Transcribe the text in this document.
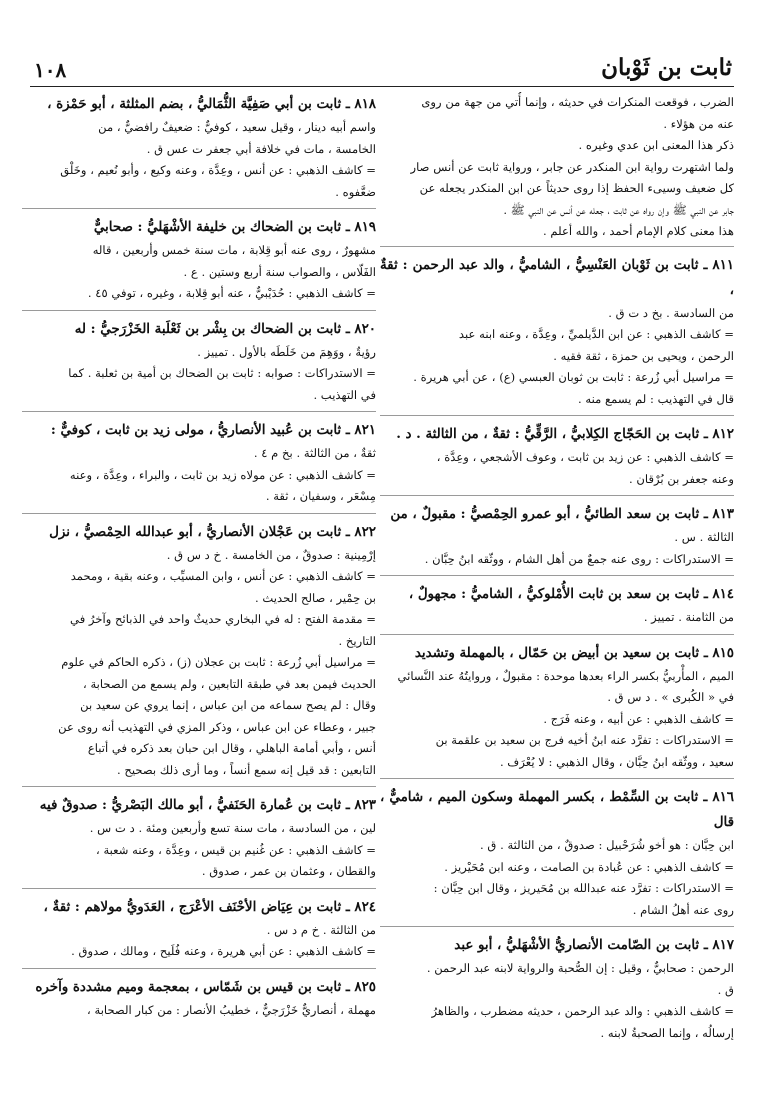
ثابت بن ثَوْبان
١٠٨

الضرب ، فوقعت المنكرات في حديثه ، وإنما أُتي من جهة من روى

عنه من هؤلاء .

ذكر هذا المعنى ابن عدي وغيره .

ولما اشتهرت رواية ابن المنكدر عن جابر ، ورواية ثابت عن أنس صار

كل ضعيف وسيىء الحفظ إذا روى حديثاً عن ابن المنكدر يجعله عن

جابر عن النبي ﷺ وإن رواه عن ثابت ، جعله عن أنس عن النبي ﷺ .

هذا معنى كلام الإمام أحمد ، والله أعلم .

٨١١ ـ ثابت بن ثَوْبان العَنْسِيُّ ، الشاميُّ ، والد عبد الرحمن : ثقةٌ ،

من السادسة . بخ د ت ق .

= كاشف الذهبي : عن ابن الدَّيلميِّ ، وعِدَّة ، وعنه ابنه عبد

الرحمن ، ويحيى بن حمزة ، ثقة فقيه .

= مراسيل أبي زُرعة : ثابت بن ثوبان العبسي (ع) ، عن أبي هريرة .

قال في التهذيب : لم يسمع منه .

٨١٢ ـ ثابت بن الحَجّاج الكِلابيُّ ، الرَّقِّيُّ : ثقةٌ ، من الثالثة . د .

= كاشف الذهبي : عن زيد بن ثابت ، وعوف الأشجعي ، وعِدَّة ،

وعنه جعفر بن بُرْقان .

٨١٣ ـ ثابت بن سعد الطائيُّ ، أبو عمرو الحِمْصيُّ : مقبولٌ ، من

الثالثة . س .

= الاستدراكات : روى عنه جمعٌ من أهل الشام ، ووثّقه ابنُ حِبَّان .

٨١٤ ـ ثابت بن سعد بن ثابت الأُمْلوكيُّ ، الشاميُّ : مجهولٌ ،

من الثامنة . تمييز .

٨١٥ ـ ثابت بن سعيد بن أبيض بن حَمّال ، بالمهملة وتشديد

الميم ، المأْربيُّ بكسر الراء بعدها موحدة : مقبولٌ ، وروايتُهُ عند النَّسائي

في « الكُبرى » . د س ق .

= كاشف الذهبي : عن أبيه ، وعنه فَرَج .

= الاستدراكات : تفرَّد عنه ابنُ أخيه فرج بن سعيد بن علقمة بن

سعيد ، ووثّقه ابنُ حِبَّان ، وقال الذهبي : لا يُعْرَف .

٨١٦ ـ ثابت بن السِّمْط ، بكسر المهملة وسكون الميم ، شاميٌّ ، قال

ابن حِبَّان : هو أخو شُرَحْبيل : صدوقٌ ، من الثالثة . ق .

= كاشف الذهبي : عن عُبادة بن الصامت ، وعنه ابن مُحَيْريز .

= الاستدراكات : تفرَّد عنه عبدالله بن مُحَيريز ، وقال ابن حِبَّان :

روى عنه أهلُ الشام .

٨١٧ ـ ثابت بن الصّامت الأنصاريُّ الأشْهَليُّ ، أبو عبد

الرحمن : صحابيٌّ ، وقيل : إن الصُّحبة والرواية لابنه عبد الرحمن .

ق .

= كاشف الذهبي : والد عبد الرحمن ، حديثه مضطرب ، والظاهرُ

إرسالُه ، وإنما الصحبةُ لابنه .

٨١٨ ـ ثابت بن أبي صَفِيَّة الثُّمَاليُّ ، بضم المثلثة ، أبو حَمْزة ،

واسم أبيه دينار ، وقيل سعيد ، كوفيٌّ : ضعيفٌ رافضيٌّ ، من

الخامسة ، مات في خلافة أبي جعفر ت عس ق .

= كاشف الذهبي : عن أنس ، وعِدَّة ، وعنه وكيع ، وأبو نُعيم ، وخَلْق

ضعَّفوه .

٨١٩ ـ ثابت بن الضحاك بن خليفة الأشْهَليُّ : صحابيٌّ

مشهورٌ ، روى عنه أبو قِلابة ، مات سنة خمس وأربعين ، قاله

الفَلّاس ، والصواب سنة أربع وستين . ع .

= كاشف الذهبي : حُدَيْبيٌّ ، عنه أبو قِلابة ، وغيره ، توفي ٤٥ .

٨٢٠ ـ ثابت بن الضحاك بن بِشْر بن ثَعْلَبة الخَزْرَجيُّ : له

رؤيةٌ ، ووَهِمَ من خَلَطَه بالأول . تمييز .

= الاستدراكات : صوابه : ثابت بن الضحاك بن أمية بن ثعلبة . كما

في التهذيب .

٨٢١ ـ ثابت بن عُبيد الأنصاريُّ ، مولى زيد بن ثابت ، كوفيٌّ :

ثقةٌ ، من الثالثة . بخ م ٤ .

= كاشف الذهبي : عن مولاه زيد بن ثابت ، والبراء ، وعِدَّة ، وعنه

مِسْعَر ، وسفيان ، ثقة .

٨٢٢ ـ ثابت بن عَجْلان الأنصاريُّ ، أبو عبدالله الحِمْصيُّ ، نزل

إرْمِينية : صدوقٌ ، من الخامسة . خ د س ق .

= كاشف الذهبي : عن أنس ، وابن المسيِّب ، وعنه بقية ، ومحمد

بن حِمْير ، صالح الحديث .

= مقدمة الفتح : له في البخاري حديثٌ واحد في الذبائح وآخرُ في

التاريخ .

= مراسيل أبي زُرعة : ثابت بن عجلان (ز) ، ذكره الحاكم في علوم

الحديث فيمن بعد في طبقة التابعين ، ولم يسمع من الصحابة ،

وقال : لم يصح سماعه من ابن عباس ، إنما يروي عن سعيد بن

جبير ، وعطاء عن ابن عباس ، وذكر المزي في التهذيب أنه روى عن

أنس ، وأبي أمامة الباهلي ، وقال ابن حبان بعد ذكره في أتباع

التابعين : قد قيل إنه سمع أنساً ، وما أرى ذلك بصحيح .

٨٢٣ ـ ثابت بن عُمارة الحَنَفيُّ ، أبو مالك البَصْريُّ : صدوقٌ فيه

لين ، من السادسة ، مات سنة تسع وأربعين ومئة . د ت س .

= كاشف الذهبي : عن غُنيم بن قيس ، وعِدَّة ، وعنه شعبة ،

والقطان ، وعثمان بن عمر ، صدوق .

٨٢٤ ـ ثابت بن عِيَاض الأحْنَف الأعْرَج ، العَدَويُّ مولاهم : ثقةٌ ،

من الثالثة . خ م د س .

= كاشف الذهبي : عن أبي هريرة ، وعنه فُلَيح ، ومالك ، صدوق .

٨٢٥ ـ ثابت بن قيس بن شَمّاس ، بمعجمة وميم مشددة وآخره

مهملة ، أنصاريٌّ خَزْرَجيٌّ ، خطيبُ الأنصار : من كبار الصحابة ،
